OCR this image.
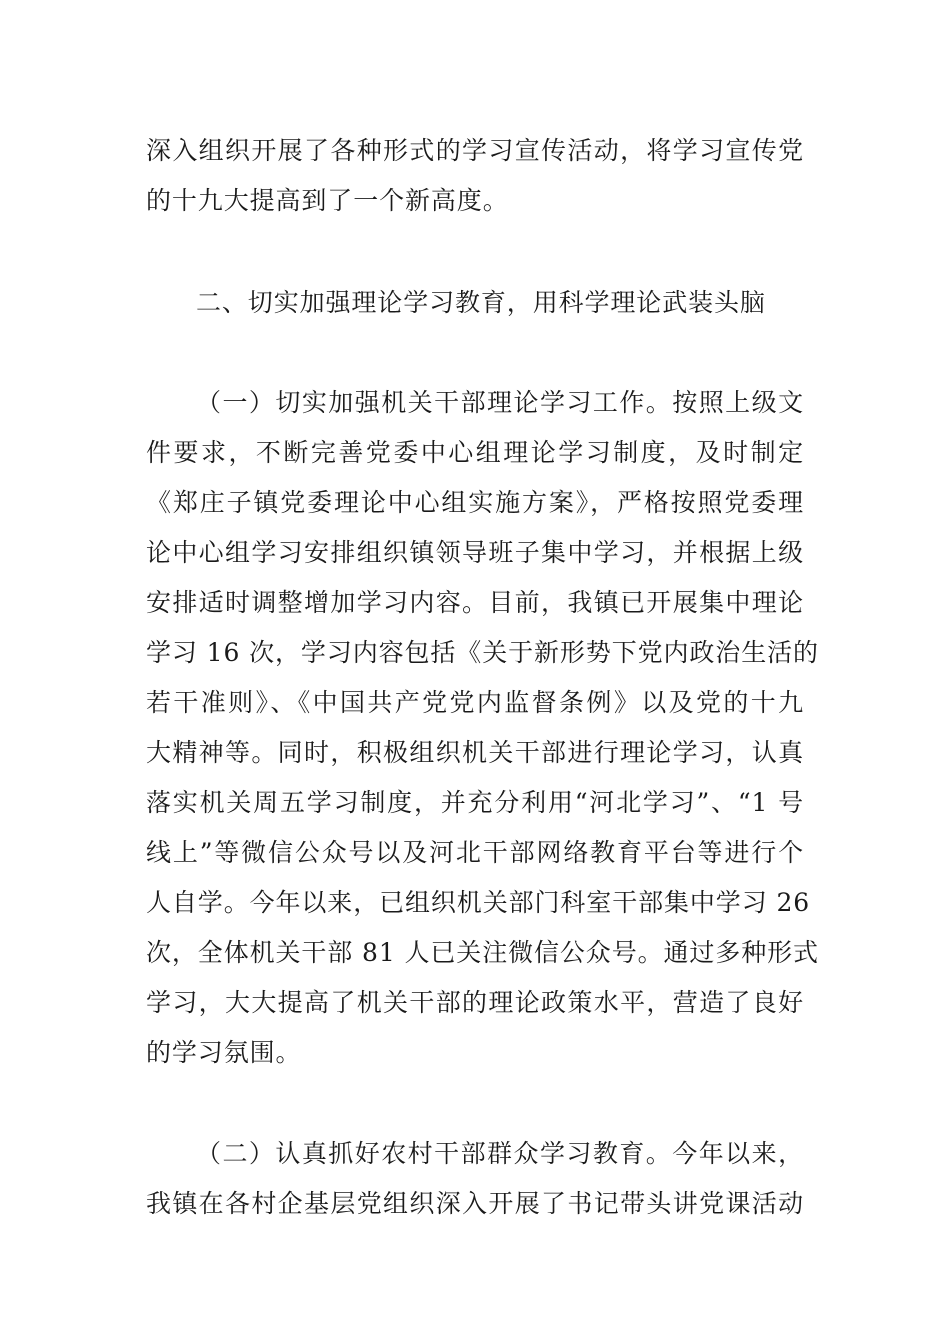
深入组织开展了各种形式的学习宣传活动，将学习宣传党
的十九大提高到了一个新高度。
二、切实加强理论学习教育，用科学理论武装头脑
（一）切实加强机关干部理论学习工作。按照上级文
件要求，不断完善党委中心组理论学习制度，及时制定
《郑庄子镇党委理论中心组实施方案》，严格按照党委理
论中心组学习安排组织镇领导班子集中学习，并根据上级
安排适时调整增加学习内容。目前，我镇已开展集中理论
学习 16 次，学习内容包括《关于新形势下党内政治生活的
若干准则》、《中国共产党党内监督条例》以及党的十九
大精神等。同时，积极组织机关干部进行理论学习，认真
落实机关周五学习制度，并充分利用“河北学习”、“1 号
线上”等微信公众号以及河北干部网络教育平台等进行个
人自学。今年以来，已组织机关部门科室干部集中学习 26
次，全体机关干部 81 人已关注微信公众号。通过多种形式
学习，大大提高了机关干部的理论政策水平，营造了良好
的学习氛围。
（二）认真抓好农村干部群众学习教育。今年以来，
我镇在各村企基层党组织深入开展了书记带头讲党课活动
